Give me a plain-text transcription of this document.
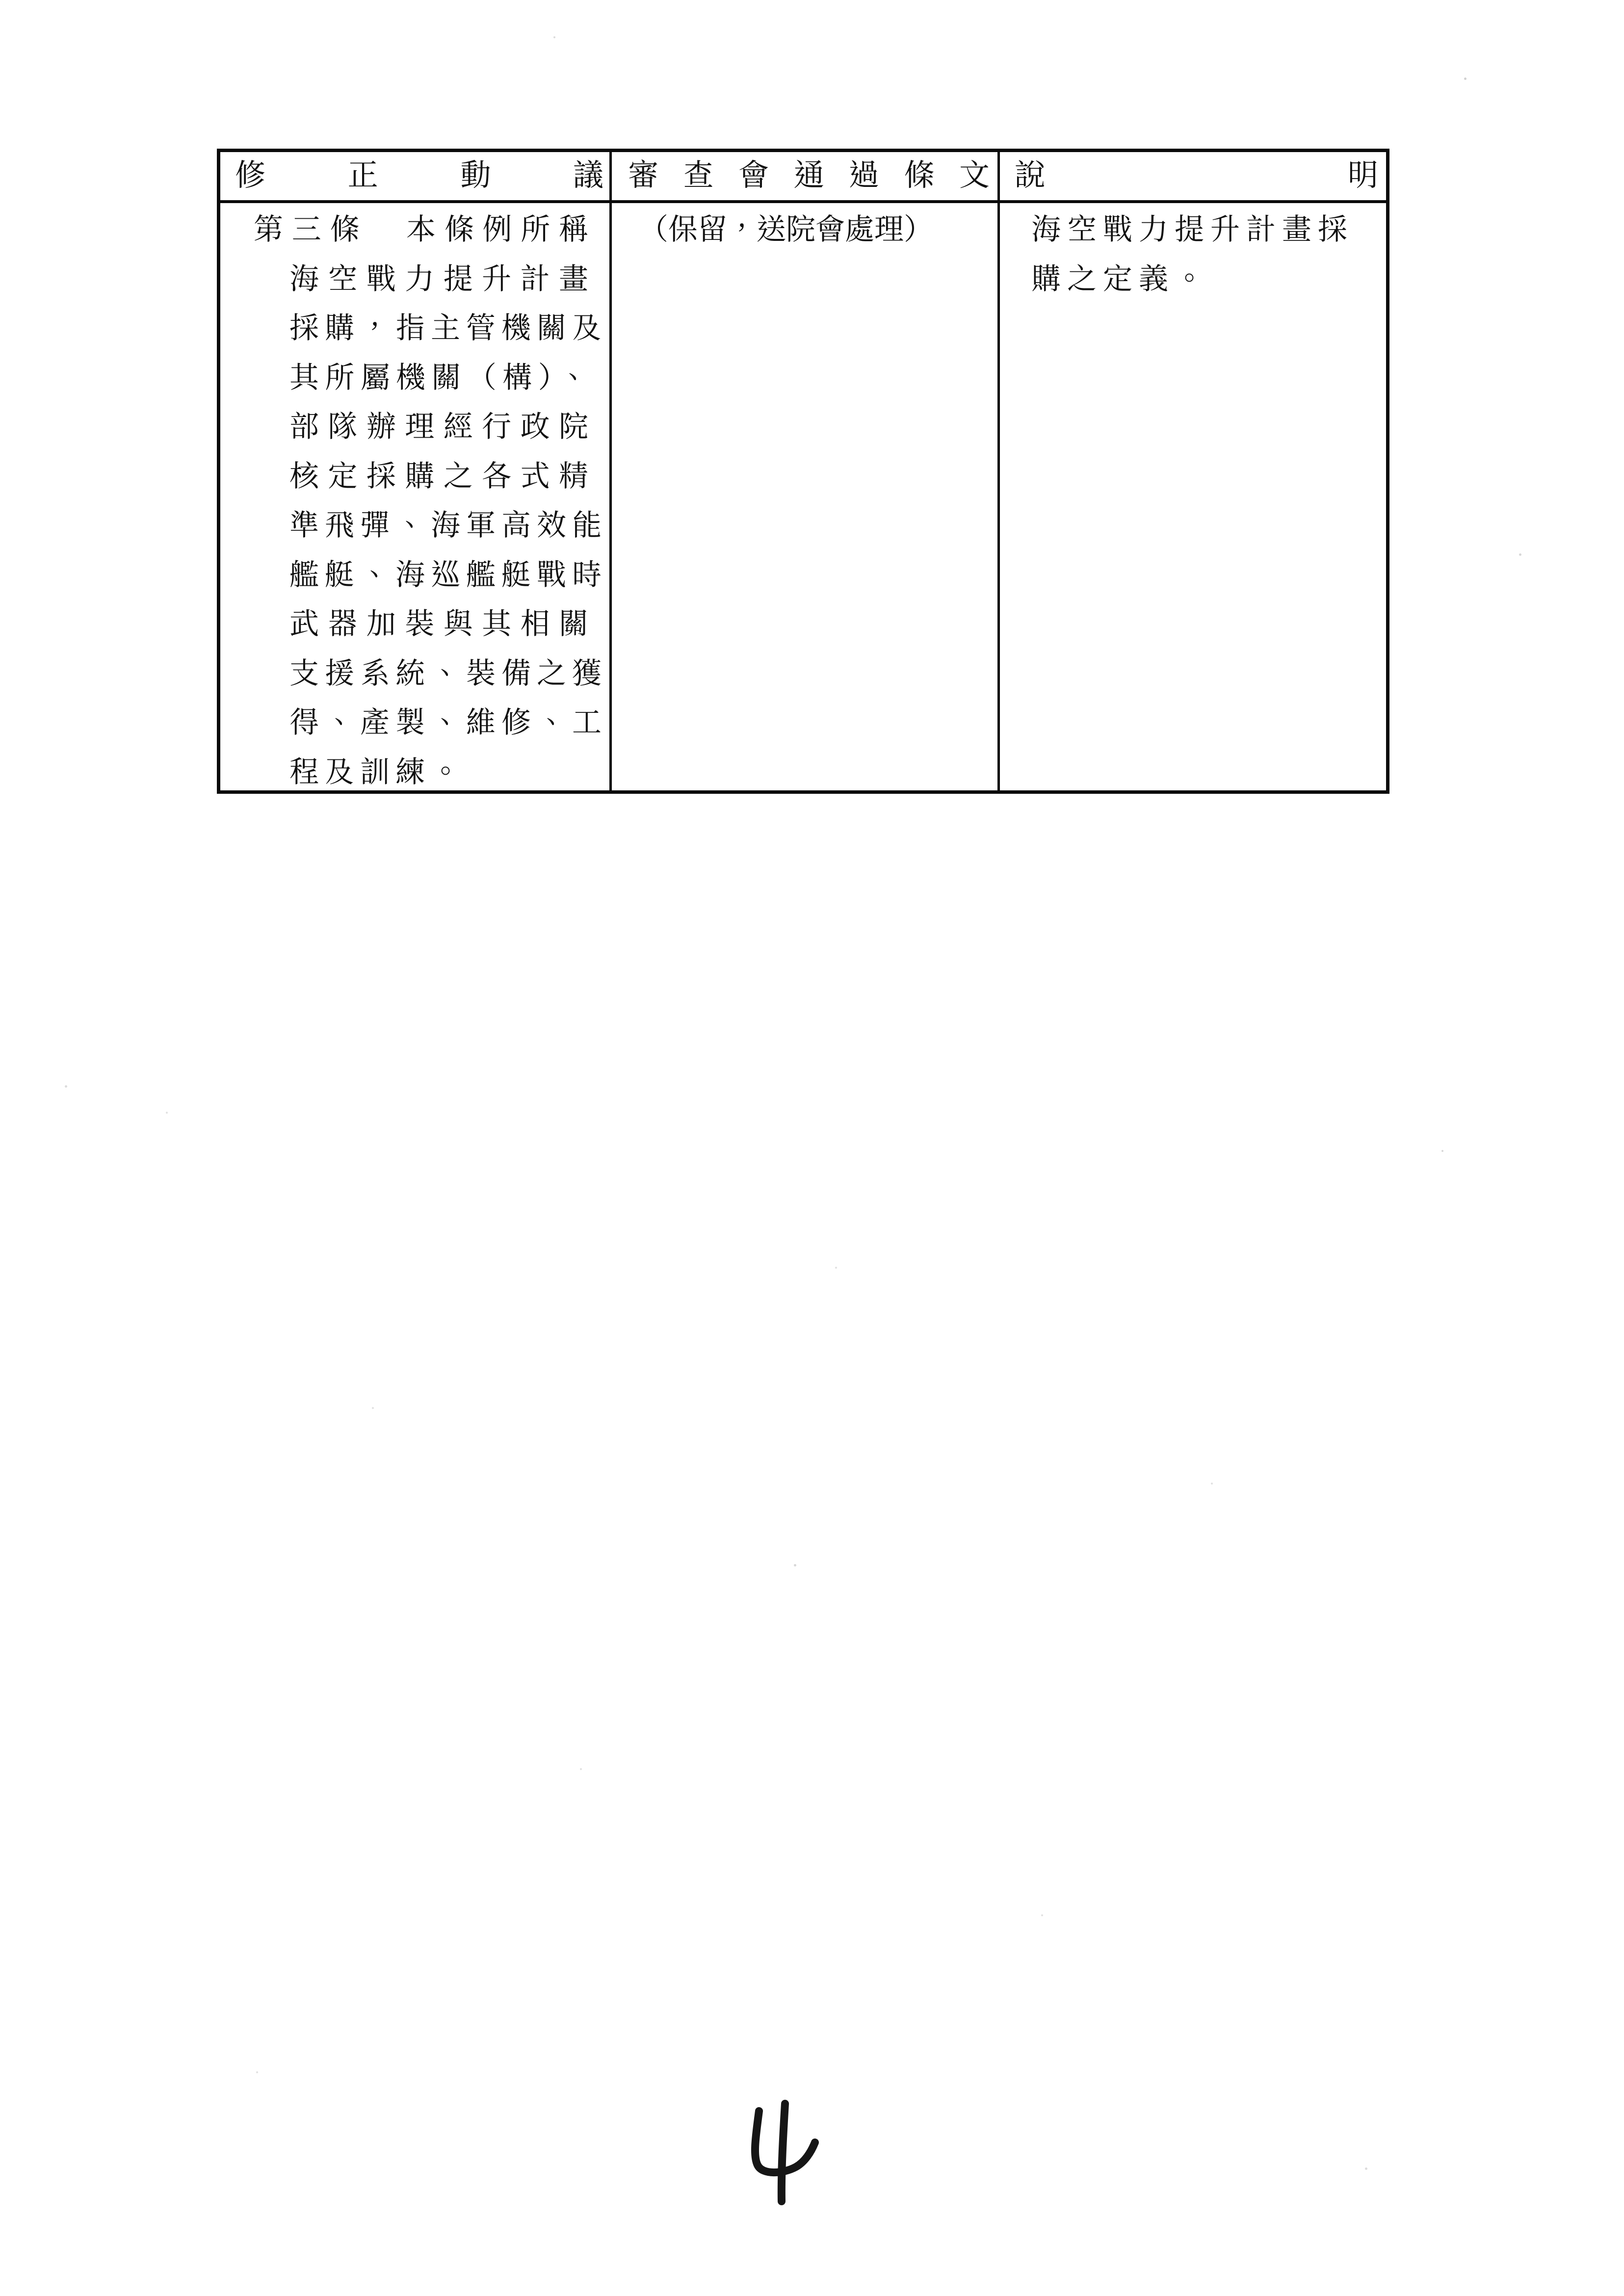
修正動議 審查會通過條文 說明
第三條　本條例所稱
海空戰力提升計畫
採購，指主管機關及
其所屬機關（構）、
部隊辦理經行政院
核定採購之各式精
準飛彈、海軍高效能
艦艇、海巡艦艇戰時
武器加裝與其相關
支援系統、裝備之獲
得、產製、維修、工
程及訓練。
（保留，送院會處理）	海空戰力提升計畫採
購之定義。
